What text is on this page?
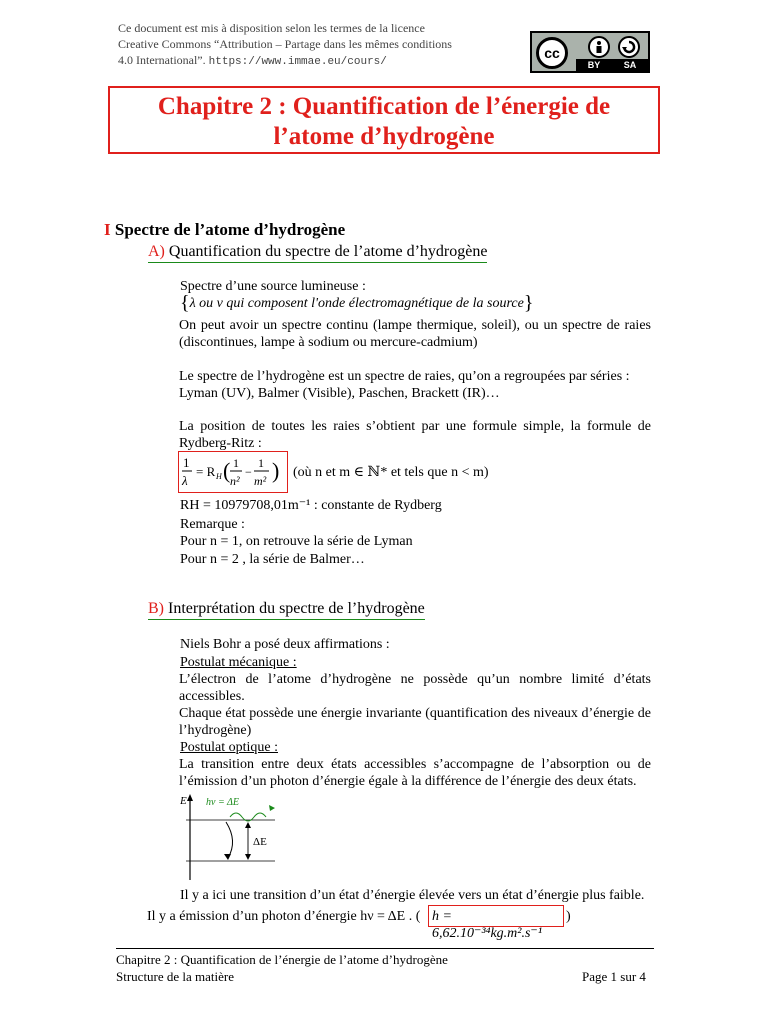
Ce document est mis à disposition selon les termes de la licence
Creative Commons “Attribution – Partage dans les mêmes conditions
4.0 International”. https://www.immae.eu/cours/
cc
BY	SA
Chapitre 2 : Quantification de l’énergie de
l’atome d’hydrogène
I Spectre de l’atome d’hydrogène
A) Quantification du spectre de l’atome d’hydrogène
Spectre d’une source lumineuse :
{λ ou ν qui composent l'onde électromagnétique de la source}
On peut avoir un spectre continu (lampe thermique, soleil), ou un spectre de raies (discontinues, lampe à sodium ou mercure-cadmium)
Le spectre de l’hydrogène est un spectre de raies, qu’on a regroupées par séries :
Lyman (UV), Balmer (Visible), Paschen, Brackett (IR)…
La position de toutes les raies s’obtient par une formule simple, la formule de Rydberg-Ritz :
1
λ
= R H ( 1
n²
−
1
m² ) (où n et m ∈ ℕ* et tels que n < m)
RH = 10979708,01m⁻¹ : constante de Rydberg
Remarque :
Pour n = 1, on retrouve la série de Lyman
Pour n = 2 , la série de Balmer…
B) Interprétation du spectre de l’hydrogène
Niels Bohr a posé deux affirmations :
Postulat mécanique :
L’électron de l’atome d’hydrogène ne possède qu’un nombre limité d’états accessibles.
Chaque état possède une énergie invariante (quantification des niveaux d’énergie de l’hydrogène)
Postulat optique :
La transition entre deux états accessibles s’accompagne de l’absorption ou de l’émission d’un photon d’énergie égale à la différence de l’énergie des deux états.
E hν = ΔE
ΔE
Il y a ici une transition d’un état d’énergie élevée vers un état d’énergie plus faible.
Il y a émission d’un photon d’énergie hν = ΔE . ( h = 6,62.10⁻³⁴kg.m².s⁻¹
)
Chapitre 2 : Quantification de l’énergie de l’atome d’hydrogène
Structure de la matière	Page 1 sur 4
